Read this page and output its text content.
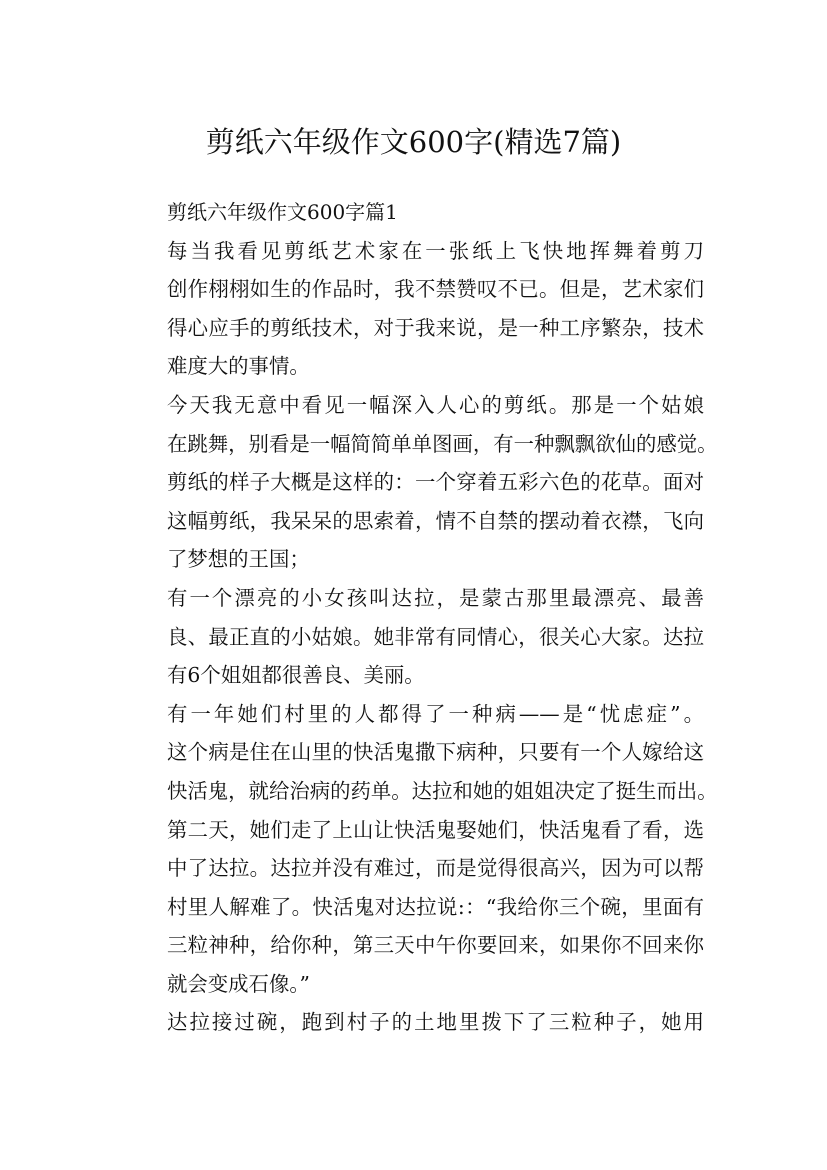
剪纸六年级作文600字(精选7篇)

剪纸六年级作文600字篇1

每当我看见剪纸艺术家在一张纸上飞快地挥舞着剪刀
创作栩栩如生的作品时，我不禁赞叹不已。但是，艺术家们
得心应手的剪纸技术，对于我来说，是一种工序繁杂，技术
难度大的事情。
今天我无意中看见一幅深入人心的剪纸。那是一个姑娘
在跳舞，别看是一幅简简单单图画，有一种飘飘欲仙的感觉。
剪纸的样子大概是这样的：一个穿着五彩六色的花草。面对
这幅剪纸，我呆呆的思索着，情不自禁的摆动着衣襟，飞向
了梦想的王国；
有一个漂亮的小女孩叫达拉，是蒙古那里最漂亮、最善
良、最正直的小姑娘。她非常有同情心，很关心大家。达拉
有6个姐姐都很善良、美丽。
有一年她们村里的人都得了一种病——是“忧虑症”。
这个病是住在山里的快活鬼撒下病种，只要有一个人嫁给这
快活鬼，就给治病的药单。达拉和她的姐姐决定了挺生而出。
第二天，她们走了上山让快活鬼娶她们，快活鬼看了看，选
中了达拉。达拉并没有难过，而是觉得很高兴，因为可以帮
村里人解难了。快活鬼对达拉说:：“我给你三个碗，里面有
三粒神种，给你种，第三天中午你要回来，如果你不回来你
就会变成石像。”
达拉接过碗，跑到村子的土地里拨下了三粒种子，她用
